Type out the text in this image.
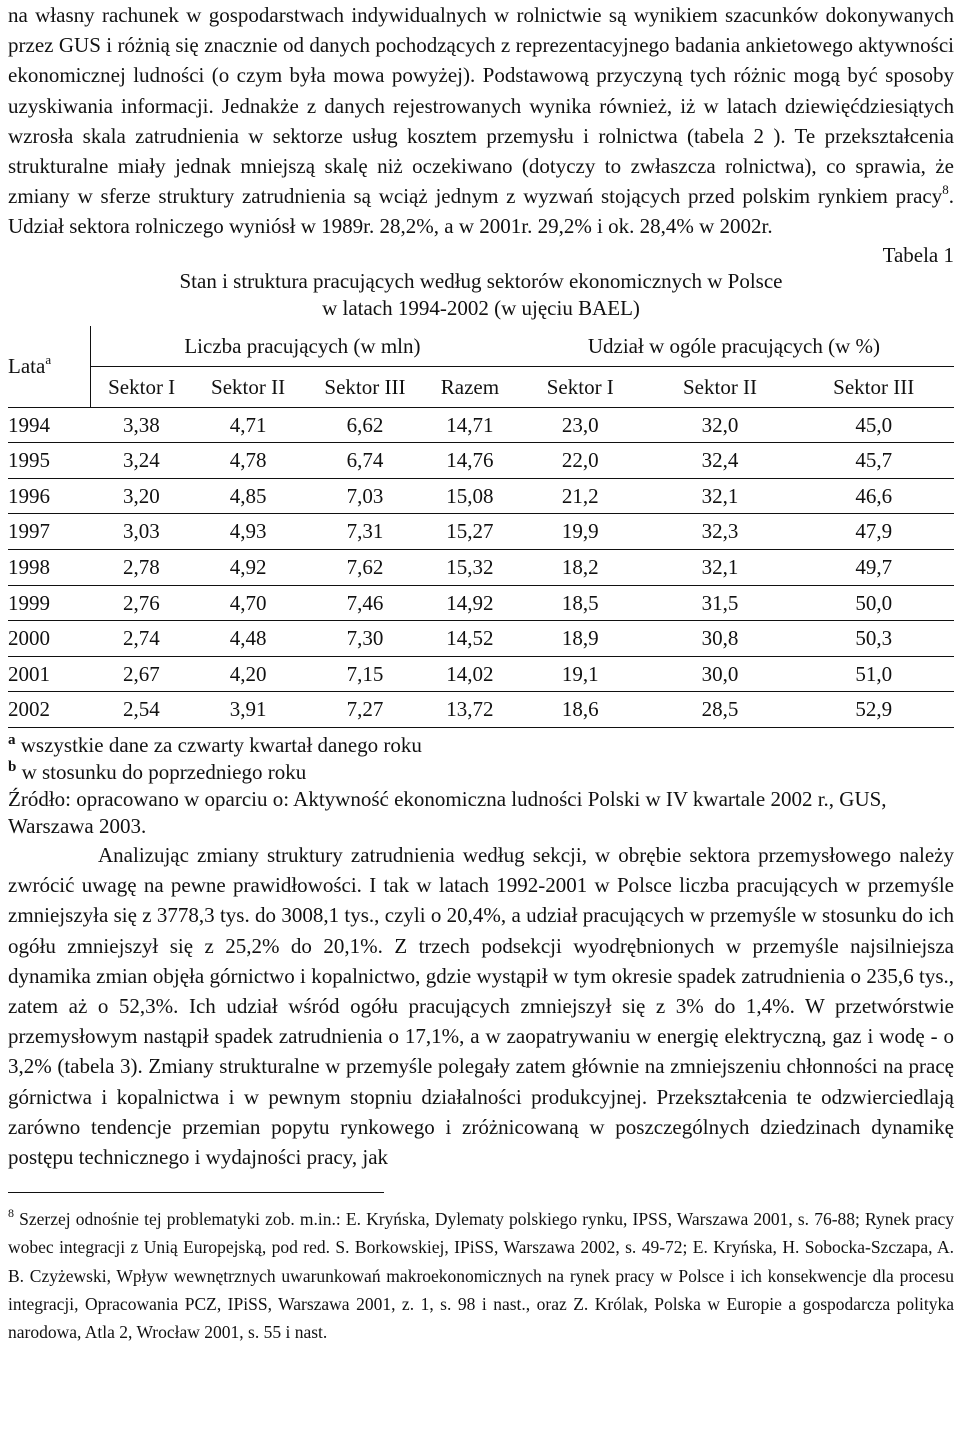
na własny rachunek w gospodarstwach indywidualnych w rolnictwie są wynikiem szacunków dokonywanych przez GUS i różnią się znacznie od danych pochodzących z reprezentacyjnego badania ankietowego aktywności ekonomicznej ludności (o czym była mowa powyżej). Podstawową przyczyną tych różnic mogą być sposoby uzyskiwania informacji. Jednakże z danych rejestrowanych wynika również, iż w latach dziewięćdziesiątych wzrosła skala zatrudnienia w sektorze usług kosztem przemysłu i rolnictwa (tabela 2 ). Te przekształcenia strukturalne miały jednak mniejszą skalę niż oczekiwano (dotyczy to zwłaszcza rolnictwa), co sprawia, że zmiany w sferze struktury zatrudnienia są wciąż jednym z wyzwań stojących przed polskim rynkiem pracy$^8$. Udział sektora rolniczego wyniósł w 1989r. 28,2%, a w 2001r. 29,2% i ok. 28,4% w 2002r.

Tabela 1

Stan i struktura pracujących według sektorów ekonomicznych w Polsce

w latach 1994-2002 (w ujęciu BAEL)

Lata$^a$	Liczba pracujących (w mln)				Udział w ogóle pracujących (w %)		
	Sektor I	Sektor II	Sektor III	Razem	Sektor I	Sektor II	Sektor III
1994	3,38	4,71	6,62	14,71	23,0	32,0	45,0
1995	3,24	4,78	6,74	14,76	22,0	32,4	45,7
1996	3,20	4,85	7,03	15,08	21,2	32,1	46,6
1997	3,03	4,93	7,31	15,27	19,9	32,3	47,9
1998	2,78	4,92	7,62	15,32	18,2	32,1	49,7
1999	2,76	4,70	7,46	14,92	18,5	31,5	50,0
2000	2,74	4,48	7,30	14,52	18,9	30,8	50,3
2001	2,67	4,20	7,15	14,02	19,1	30,0	51,0
2002	2,54	3,91	7,27	13,72	18,6	28,5	52,9

$^a$ wszystkie dane za czwarty kwartał danego roku

$^b$ w stosunku do poprzedniego roku

Źródło: opracowano w oparciu o: Aktywność ekonomiczna ludności Polski w IV kwartale 2002 r., GUS, Warszawa 2003.

Analizując zmiany struktury zatrudnienia według sekcji, w obrębie sektora przemysłowego należy zwrócić uwagę na pewne prawidłowości. I tak w latach 1992-2001 w Polsce liczba pracujących w przemyśle zmniejszyła się z 3778,3 tys. do 3008,1 tys., czyli o 20,4%, a udział pracujących w przemyśle w stosunku do ich ogółu zmniejszył się z 25,2% do 20,1%. Z trzech podsekcji wyodrębnionych w przemyśle najsilniejsza dynamika zmian objęła górnictwo i kopalnictwo, gdzie wystąpił w tym okresie spadek zatrudnienia o 235,6 tys., zatem aż o 52,3%. Ich udział wśród ogółu pracujących zmniejszył się z 3% do 1,4%. W przetwórstwie przemysłowym nastąpił spadek zatrudnienia o 17,1%, a w zaopatrywaniu w energię elektryczną, gaz i wodę - o 3,2% (tabela 3). Zmiany strukturalne w przemyśle polegały zatem głównie na zmniejszeniu chłonności na pracę górnictwa i kopalnictwa i w pewnym stopniu działalności produkcyjnej. Przekształcenia te odzwierciedlają zarówno tendencje przemian popytu rynkowego i zróżnicowaną w poszczególnych dziedzinach dynamikę postępu technicznego i wydajności pracy, jak

$^8$ Szerzej odnośnie tej problematyki zob. m.in.: E. Kryńska, Dylematy polskiego rynku, IPSS, Warszawa 2001, s. 76-88; Rynek pracy wobec integracji z Unią Europejską, pod red. S. Borkowskiej, IPiSS, Warszawa 2002, s. 49-72; E. Kryńska, H. Sobocka-Szczapa, A. B. Czyżewski, Wpływ wewnętrznych uwarunkowań makroekonomicznych na rynek pracy w Polsce i ich konsekwencje dla procesu integracji, Opracowania PCZ, IPiSS, Warszawa 2001, z. 1, s. 98 i nast., oraz Z. Królak, Polska w Europie a gospodarcza polityka narodowa, Atla 2, Wrocław 2001, s. 55 i nast.
